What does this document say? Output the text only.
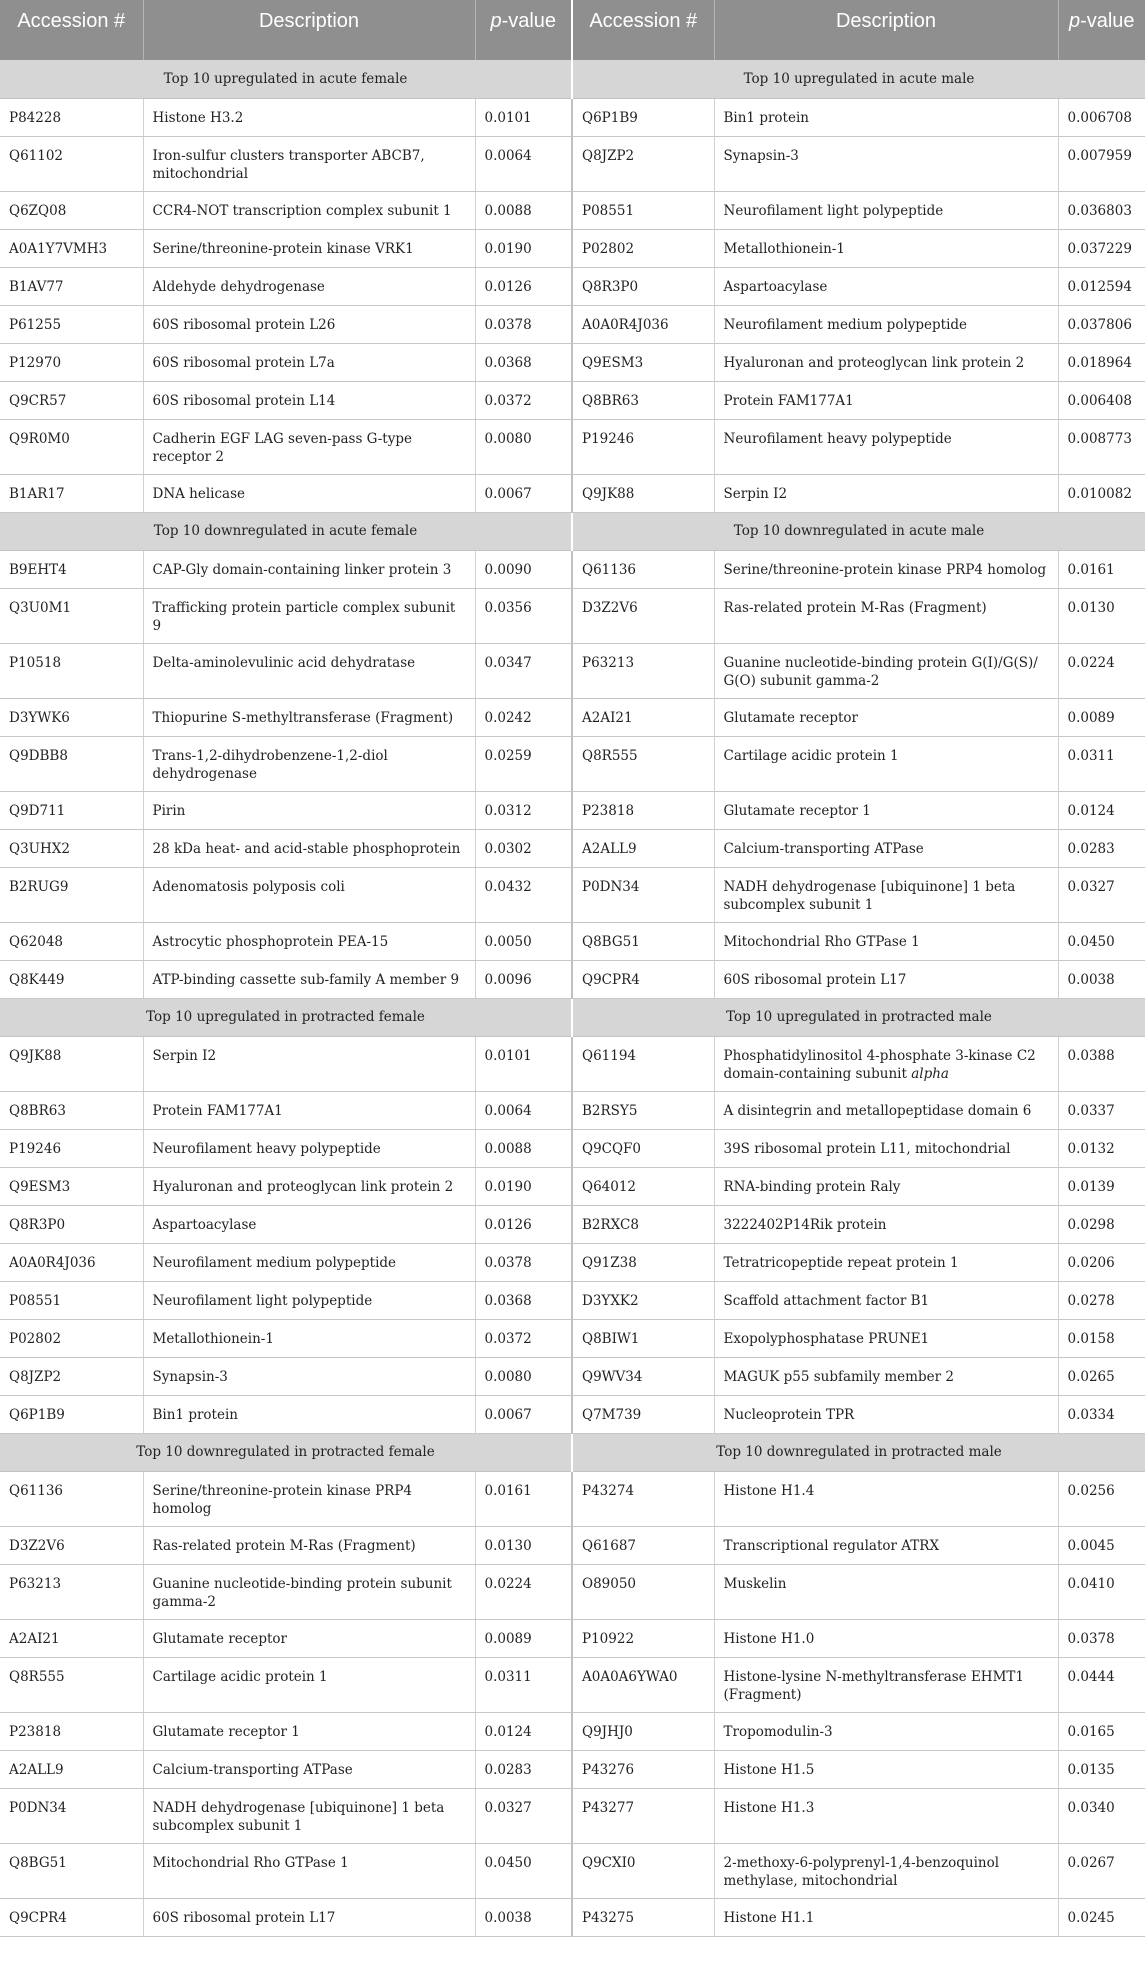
Accession #	Description	p-value	Accession #	Description	p-value
Top 10 upregulated in acute female			Top 10 upregulated in acute male		
P84228	Histone H3.2	0.0101	Q6P1B9	Bin1 protein	0.006708
Q61102	Iron-sulfur clusters transporter ABCB7, mitochondrial	0.0064	Q8JZP2	Synapsin-3	0.007959
Q6ZQ08	CCR4-NOT transcription complex subunit 1	0.0088	P08551	Neurofilament light polypeptide	0.036803
A0A1Y7VMH3	Serine/threonine-protein kinase VRK1	0.0190	P02802	Metallothionein-1	0.037229
B1AV77	Aldehyde dehydrogenase	0.0126	Q8R3P0	Aspartoacylase	0.012594
P61255	60S ribosomal protein L26	0.0378	A0A0R4J036	Neurofilament medium polypeptide	0.037806
P12970	60S ribosomal protein L7a	0.0368	Q9ESM3	Hyaluronan and proteoglycan link protein 2	0.018964
Q9CR57	60S ribosomal protein L14	0.0372	Q8BR63	Protein FAM177A1	0.006408
Q9R0M0	Cadherin EGF LAG seven-pass G-type receptor 2	0.0080	P19246	Neurofilament heavy polypeptide	0.008773
B1AR17	DNA helicase	0.0067	Q9JK88	Serpin I2	0.010082
Top 10 downregulated in acute female			Top 10 downregulated in acute male		
B9EHT4	CAP-Gly domain-containing linker protein 3	0.0090	Q61136	Serine/threonine-protein kinase PRP4 homolog	0.0161
Q3U0M1	Trafficking protein particle complex subunit 9	0.0356	D3Z2V6	Ras-related protein M-Ras (Fragment)	0.0130
P10518	Delta-aminolevulinic acid dehydratase	0.0347	P63213	Guanine nucleotide-binding protein G(I)/G(S)/ G(O) subunit gamma-2	0.0224
D3YWK6	Thiopurine S-methyltransferase (Fragment)	0.0242	A2AI21	Glutamate receptor	0.0089
Q9DBB8	Trans-1,2-dihydrobenzene-1,2-diol dehydrogenase	0.0259	Q8R555	Cartilage acidic protein 1	0.0311
Q9D711	Pirin	0.0312	P23818	Glutamate receptor 1	0.0124
Q3UHX2	28 kDa heat- and acid-stable phosphoprotein	0.0302	A2ALL9	Calcium-transporting ATPase	0.0283
B2RUG9	Adenomatosis polyposis coli	0.0432	P0DN34	NADH dehydrogenase [ubiquinone] 1 beta subcomplex subunit 1	0.0327
Q62048	Astrocytic phosphoprotein PEA-15	0.0050	Q8BG51	Mitochondrial Rho GTPase 1	0.0450
Q8K449	ATP-binding cassette sub-family A member 9	0.0096	Q9CPR4	60S ribosomal protein L17	0.0038
Top 10 upregulated in protracted female			Top 10 upregulated in protracted male		
Q9JK88	Serpin I2	0.0101	Q61194	Phosphatidylinositol 4-phosphate 3-kinase C2 domain-containing subunit alpha	0.0388
Q8BR63	Protein FAM177A1	0.0064	B2RSY5	A disintegrin and metallopeptidase domain 6	0.0337
P19246	Neurofilament heavy polypeptide	0.0088	Q9CQF0	39S ribosomal protein L11, mitochondrial	0.0132
Q9ESM3	Hyaluronan and proteoglycan link protein 2	0.0190	Q64012	RNA-binding protein Raly	0.0139
Q8R3P0	Aspartoacylase	0.0126	B2RXC8	3222402P14Rik protein	0.0298
A0A0R4J036	Neurofilament medium polypeptide	0.0378	Q91Z38	Tetratricopeptide repeat protein 1	0.0206
P08551	Neurofilament light polypeptide	0.0368	D3YXK2	Scaffold attachment factor B1	0.0278
P02802	Metallothionein-1	0.0372	Q8BIW1	Exopolyphosphatase PRUNE1	0.0158
Q8JZP2	Synapsin-3	0.0080	Q9WV34	MAGUK p55 subfamily member 2	0.0265
Q6P1B9	Bin1 protein	0.0067	Q7M739	Nucleoprotein TPR	0.0334
Top 10 downregulated in protracted female			Top 10 downregulated in protracted male		
Q61136	Serine/threonine-protein kinase PRP4 homolog	0.0161	P43274	Histone H1.4	0.0256
D3Z2V6	Ras-related protein M-Ras (Fragment)	0.0130	Q61687	Transcriptional regulator ATRX	0.0045
P63213	Guanine nucleotide-binding protein subunit gamma-2	0.0224	O89050	Muskelin	0.0410
A2AI21	Glutamate receptor	0.0089	P10922	Histone H1.0	0.0378
Q8R555	Cartilage acidic protein 1	0.0311	A0A0A6YWA0	Histone-lysine N-methyltransferase EHMT1 (Fragment)	0.0444
P23818	Glutamate receptor 1	0.0124	Q9JHJ0	Tropomodulin-3	0.0165
A2ALL9	Calcium-transporting ATPase	0.0283	P43276	Histone H1.5	0.0135
P0DN34	NADH dehydrogenase [ubiquinone] 1 beta subcomplex subunit 1	0.0327	P43277	Histone H1.3	0.0340
Q8BG51	Mitochondrial Rho GTPase 1	0.0450	Q9CXI0	2-methoxy-6-polyprenyl-1,4-benzoquinol methylase, mitochondrial	0.0267
Q9CPR4	60S ribosomal protein L17	0.0038	P43275	Histone H1.1	0.0245
